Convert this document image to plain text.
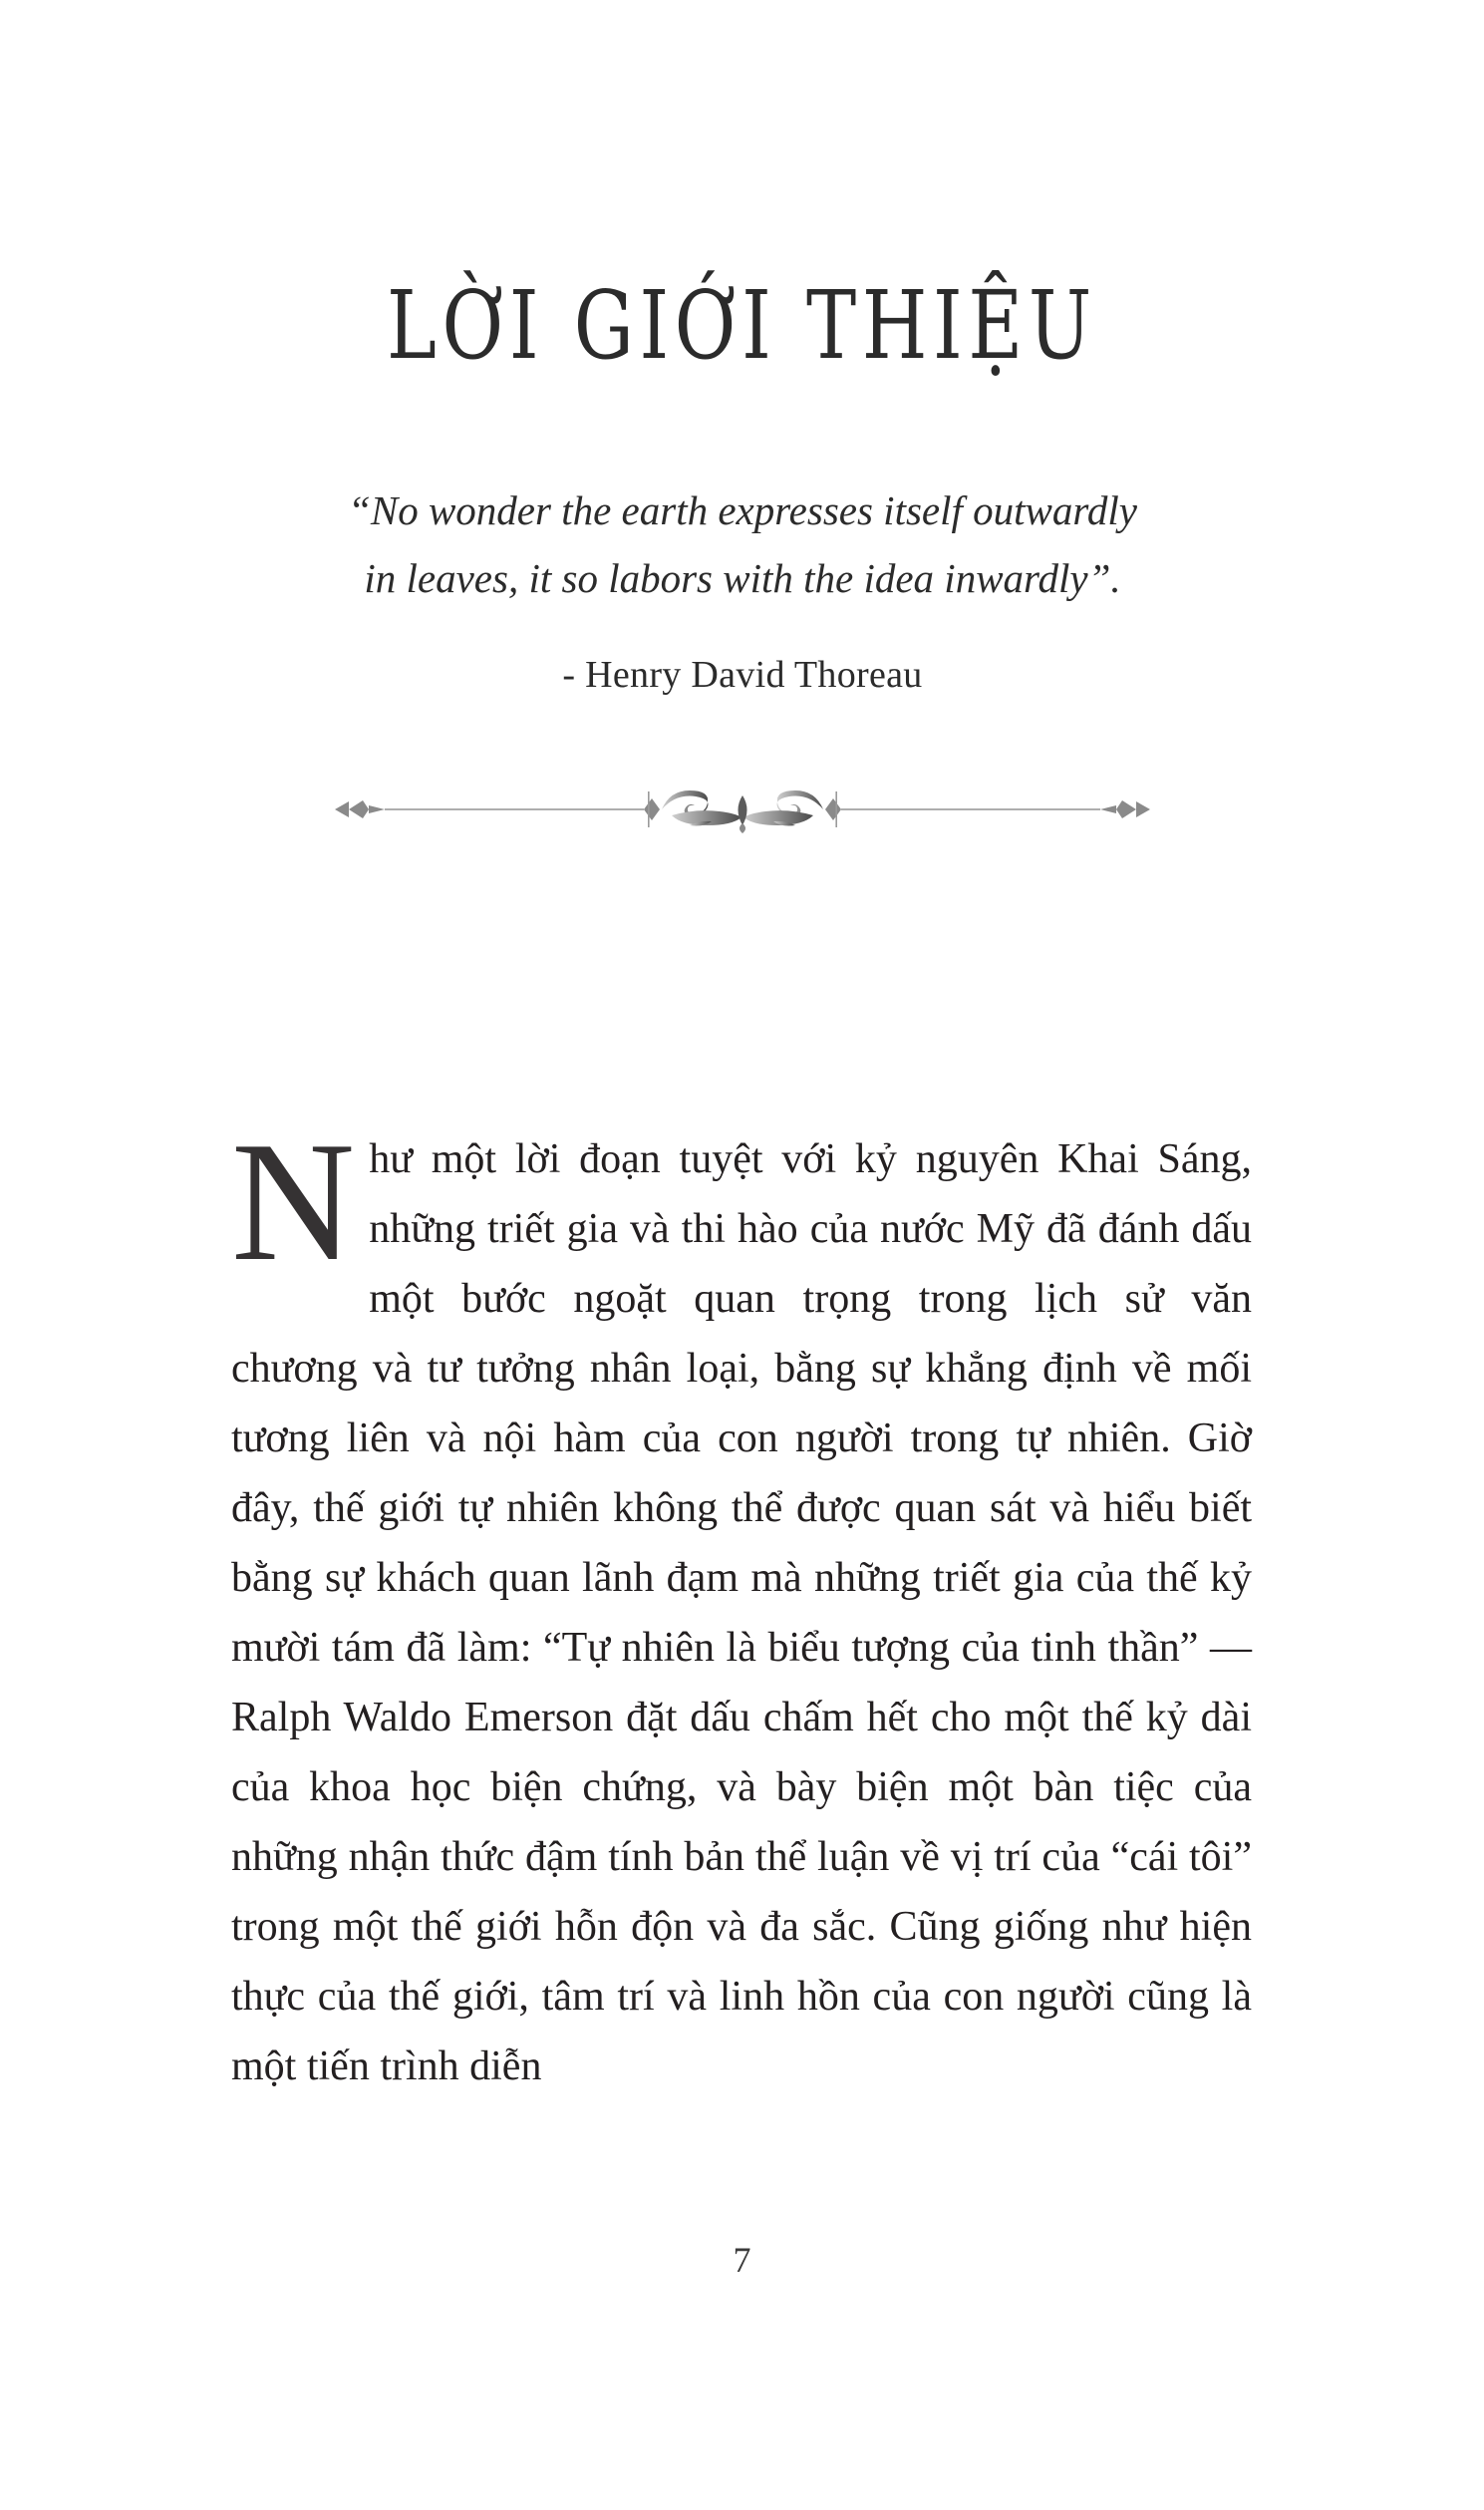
LỜI GIỚI THIỆU
“No wonder the earth expresses itself outwardly
in leaves, it so labors with the idea inwardly”.
- Henry David Thoreau
Như một lời đoạn tuyệt với kỷ nguyên Khai Sáng, những triết gia và thi hào của nước Mỹ đã đánh dấu một bước ngoặt quan trọng trong lịch sử văn chương và tư tưởng nhân loại, bằng sự khẳng định về mối tương liên và nội hàm của con người trong tự nhiên. Giờ đây, thế giới tự nhiên không thể được quan sát và hiểu biết bằng sự khách quan lãnh đạm mà những triết gia của thế kỷ mười tám đã làm: “Tự nhiên là biểu tượng của tinh thần” — Ralph Waldo Emerson đặt dấu chấm hết cho một thế kỷ dài của khoa học biện chứng, và bày biện một bàn tiệc của những nhận thức đậm tính bản thể luận về vị trí của “cái tôi” trong một thế giới hỗn độn và đa sắc. Cũng giống như hiện thực của thế giới, tâm trí và linh hồn của con người cũng là một tiến trình diễn
7
